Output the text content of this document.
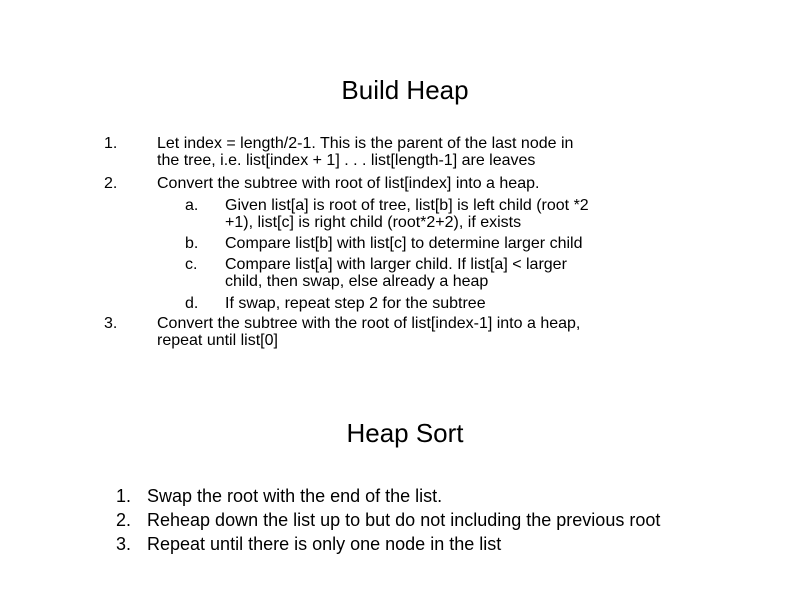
Build Heap
1. Let index = length/2-1. This is the parent of the last node in
the tree, i.e. list[index + 1] . . . list[length-1] are leaves
2. Convert the subtree with root of list[index] into a heap.
a. Given list[a] is root of tree, list[b] is left child (root *2
+1), list[c] is right child (root*2+2), if exists
b. Compare list[b] with list[c] to determine larger child
c. Compare list[a] with larger child. If list[a] < larger
child, then swap, else already a heap
d. If swap, repeat step 2 for the subtree
3. Convert the subtree with the root of list[index-1] into a heap,
repeat until list[0]
Heap Sort
1. Swap the root with the end of the list.
2. Reheap down the list up to but do not including the previous root
3. Repeat until there is only one node in the list
